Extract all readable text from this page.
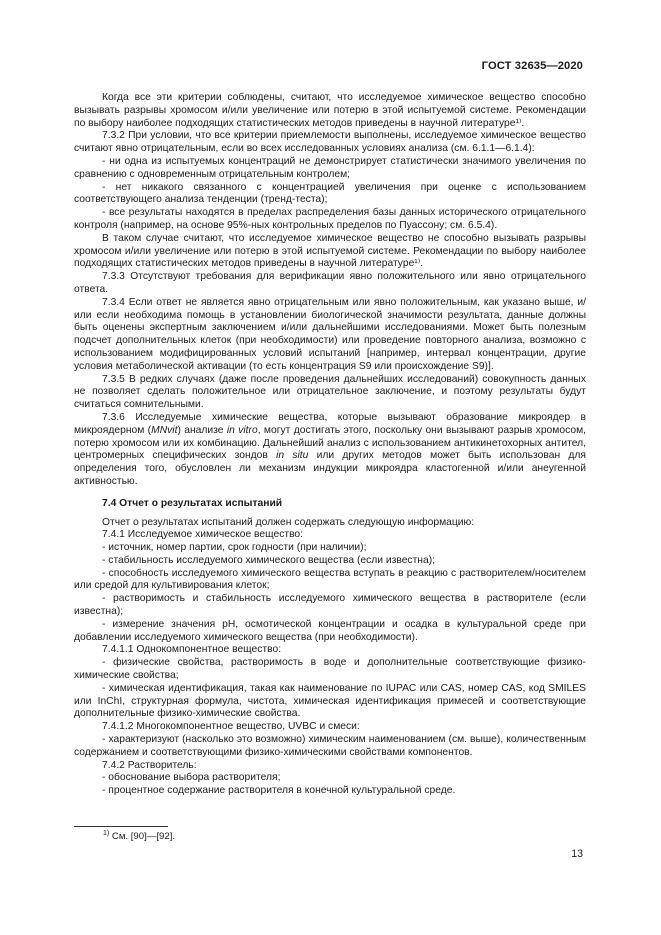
ГОСТ 32635—2020

Когда все эти критерии соблюдены, считают, что исследуемое химическое вещество способно вызывать разрывы хромосом и/или увеличение или потерю в этой испытуемой системе. Рекомендации по выбору наиболее подходящих статистических методов приведены в научной литературе¹⁾.

7.3.2 При условии, что все критерии приемлемости выполнены, исследуемое химическое вещество считают явно отрицательным, если во всех исследованных условиях анализа (см. 6.1.1—6.1.4):

- ни одна из испытуемых концентраций не демонстрирует статистически значимого увеличения по сравнению с одновременным отрицательным контролем;

- нет никакого связанного с концентрацией увеличения при оценке с использованием соответствующего анализа тенденции (тренд-теста);

- все результаты находятся в пределах распределения базы данных исторического отрицательного контроля (например, на основе 95%-ных контрольных пределов по Пуассону; см. 6.5.4).

В таком случае считают, что исследуемое химическое вещество не способно вызывать разрывы хромосом и/или увеличение или потерю в этой испытуемой системе. Рекомендации по выбору наиболее подходящих статистических методов приведены в научной литературе¹⁾.

7.3.3 Отсутствуют требования для верификации явно положительного или явно отрицательного ответа.

7.3.4 Если ответ не является явно отрицательным или явно положительным, как указано выше, и/или если необходима помощь в установлении биологической значимости результата, данные должны быть оценены экспертным заключением и/или дальнейшими исследованиями. Может быть полезным подсчет дополнительных клеток (при необходимости) или проведение повторного анализа, возможно с использованием модифицированных условий испытаний [например, интервал концентрации, другие условия метаболической активации (то есть концентрация S9 или происхождение S9)].

7.3.5 В редких случаях (даже после проведения дальнейших исследований) совокупность данных не позволяет сделать положительное или отрицательное заключение, и поэтому результаты будут считаться сомнительными.

7.3.6 Исследуемые химические вещества, которые вызывают образование микроядер в микроядерном (MNvit) анализе in vitro, могут достигать этого, поскольку они вызывают разрыв хромосом, потерю хромосом или их комбинацию. Дальнейший анализ с использованием антикинетохорных антител, центромерных специфических зондов in situ или других методов может быть использован для определения того, обусловлен ли механизм индукции микроядра кластогенной и/или анеугенной активностью.

7.4 Отчет о результатах испытаний

Отчет о результатах испытаний должен содержать следующую информацию:

7.4.1 Исследуемое химическое вещество:

- источник, номер партии, срок годности (при наличии);

- стабильность исследуемого химического вещества (если известна);

- способность исследуемого химического вещества вступать в реакцию с растворителем/носителем или средой для культивирования клеток;

- растворимость и стабильность исследуемого химического вещества в растворителе (если известна);

- измерение значения pH, осмотической концентрации и осадка в культуральной среде при добавлении исследуемого химического вещества (при необходимости).

7.4.1.1 Однокомпонентное вещество:

- физические свойства, растворимость в воде и дополнительные соответствующие физико-химические свойства;

- химическая идентификация, такая как наименование по IUPAC или CAS, номер CAS, код SMILES или InChI, структурная формула, чистота, химическая идентификация примесей и соответствующие дополнительные физико-химические свойства.

7.4.1.2 Многокомпонентное вещество, UVBC и смеси:

- характеризуют (насколько это возможно) химическим наименованием (см. выше), количественным содержанием и соответствующими физико-химическими свойствами компонентов.

7.4.2 Растворитель:

- обоснование выбора растворителя;

- процентное содержание растворителя в конечной культуральной среде.

$^{1)}$ См. [90]—[92].
13
